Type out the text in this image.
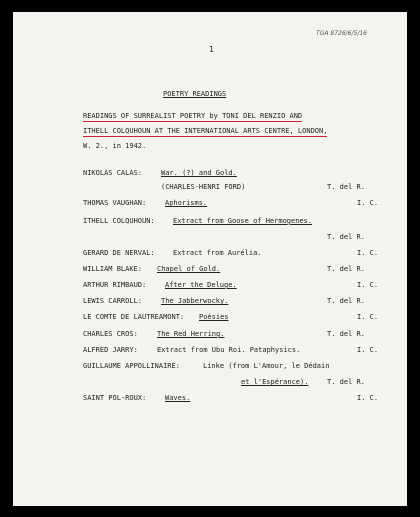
TGA 8726/6/5/16
1
POETRY READINGS
READINGS OF SURREALIST POETRY by TONI DEL RENZIO AND
ITHELL COLQUHOUN AT THE INTERNATIONAL ARTS CENTRE, LONDON,
W. 2., in 1942.
NIKOLAS CALAS:	War. (?) and Gold.
(CHARLES-HENRI FORD)	T. del R.
THOMAS VAUGHAN:	Aphorisms.	I. C.
ITHELL COLQUHOUN:	Extract from Goose of Hermogenes.
T. del R.
GERARD DE NERVAL:	Extract from Aurélia.	I. C.
WILLIAM BLAKE: Chapel of Gold.	T. del R.
ARTHUR RIMBAUD:	After the Deluge.	I. C.
LEWIS CARROLL:	The Jabberwocky.	T. del R.
LE COMTE DE LAUTREAMONT: Poésies	I. C.
CHARLES CROS:	The Red Herring.	T. del R.
ALFRED JARRY:	Extract from Ubu Roi. Pataphysics.	I. C.
GUILLAUME APPOLLINAIRE:	Linke (from L'Amour, le Dédain
et l'Espérance).	T. del R.
SAINT POL-ROUX:	Waves.	I. C.
